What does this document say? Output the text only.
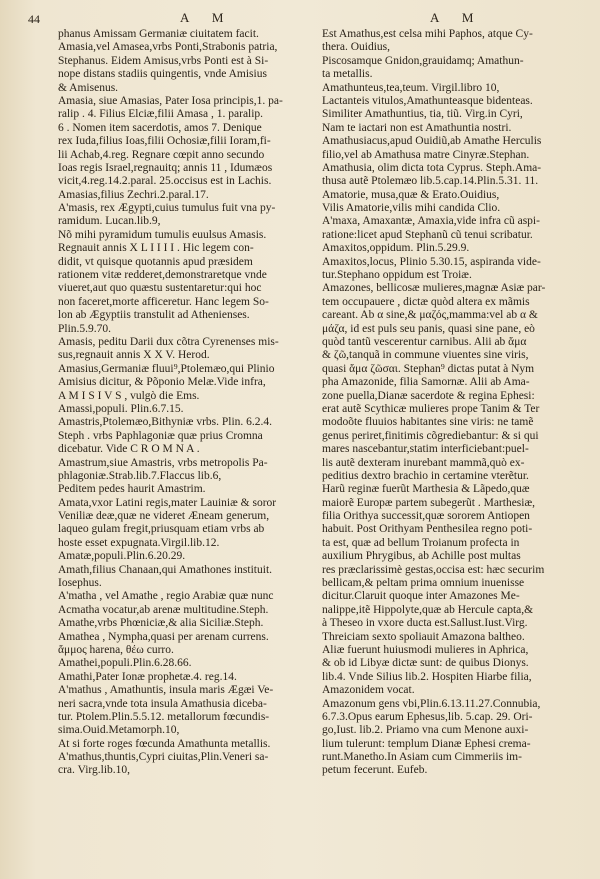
44	A M	A M
phanus Amissam Germaniæ ciuitatem facit.
Amasia,vel Amasea,vrbs Ponti,Strabonis patria,
Stephanus. Eidem Amisus,vrbs Ponti est à Si-
nope distans stadiis quingentis, vnde Amisius
& Amisenus.
Amasia, siue Amasias, Pater Iosa principis,1. pa-
ralip . 4. Filius Elciæ,filii Amasa , 1. paralip.
6 . Nomen item sacerdotis, amos 7. Denique
rex Iuda,filius Ioas,filii Ochosiæ,filii Ioram,fi-
lii Achab,4.reg. Regnare cœpit anno secundo
Ioas regis Israel,regnauitq; annis 11 , Idumæos
vicit,4.reg.14.2.paral. 25.occisus est in Lachis.
Amasias,filius Zechri.2.paral.17.
A'masis, rex Ægypti,cuius tumulus fuit vna py-
ramidum. Lucan.lib.9,
Nõ mihi pyramidum tumulis euulsus Amasis.
Regnauit annis X L I I I I . Hic legem con-
didit, vt quisque quotannis apud præsidem
rationem vitæ redderet,demonstraretque vnde
viueret,aut quo quæstu sustentaretur:qui hoc
non faceret,morte afficeretur. Hanc legem So-
lon ab Ægyptiis transtulit ad Athenienses.
Plin.5.9.70.
Amasis, peditu Darii dux cõtra Cyrenenses mis-
sus,regnauit annis X X V. Herod.
Amasius,Germaniæ fluui⁹,Ptolemæo,qui Plinio
Amisius dicitur, & Põponio Melæ.Vide infra,
A M I S I V S , vulgò die Ems.
Amassi,populi. Plin.6.7.15.
Amastris,Ptolemæo,Bithyniæ vrbs. Plin. 6.2.4.
Steph . vrbs Paphlagoniæ quæ prius Cromna
dicebatur. Vide C R O M N A .
Amastrum,siue Amastris, vrbs metropolis Pa-
phlagoniæ.Strab.lib.7.Flaccus lib.6,
Peditem pedes haurit Amastrim.
Amata,vxor Latini regis,mater Lauiniæ & soror
Veniliæ deæ,quæ ne videret Æneam generum,
laqueo gulam fregit,priusquam etiam vrbs ab
hoste esset expugnata.Virgil.lib.12.
Amatæ,populi.Plin.6.20.29.
Amath,filius Chanaan,qui Amathones instituit.
Iosephus.
A'matha , vel Amathe , regio Arabiæ quæ nunc
Acmatha vocatur,ab arenæ multitudine.Steph.
Amathe,vrbs Phœniciæ,& alia Siciliæ.Steph.
Amathea , Nympha,quasi per arenam currens.
ἄμμος harena, θέω curro.
Amathei,populi.Plin.6.28.66.
Amathi,Pater Ionæ prophetæ.4. reg.14.
A'mathus , Amathuntis, insula maris Ægæi Ve-
neri sacra,vnde tota insula Amathusia diceba-
tur. Ptolem.Plin.5.5.12. metallorum fœcundis-
sima.Ouid.Metamorph.10,
At si forte roges fœcunda Amathunta metallis.
A'mathus,thuntis,Cypri ciuitas,Plin.Veneri sa-
cra. Virg.lib.10,
Est Amathus,est celsa mihi Paphos, atque Cy-
thera. Ouidius,
Piscosamque Gnidon,grauidamq; Amathun-
ta metallis.
Amathunteus,tea,teum. Virgil.libro 10,
Lactanteis vitulos,Amathunteasque bidenteas.
Similiter Amathuntius, tia, tiũ. Virg.in Cyri,
Nam te iactari non est Amathuntia nostri.
Amathusiacus,apud Ouidiũ,ab Amathe Herculis
filio,vel ab Amathusa matre Cinyræ.Stephan.
Amathusia, olim dicta tota Cyprus. Steph.Ama-
thusa autẽ Ptolemæo lib.5.cap.14.Plin.5.31. 11.
Amatorie, musa,quæ & Erato.Ouidius,
Vilis Amatorie,vilis mihi candida Clio.
A'maxa, Amaxantæ, Amaxia,vide infra cũ aspi-
ratione:licet apud Stephanũ cũ tenui scribatur.
Amaxitos,oppidum. Plin.5.29.9.
Amaxitos,locus, Plinio 5.30.15, aspiranda vide-
tur.Stephano oppidum est Troiæ.
Amazones, bellicosæ mulieres,magnæ Asiæ par-
tem occupauere , dictæ quòd altera ex mãmis
careant. Ab α sine,& μαζός,mamma:vel ab α &
μάζα, id est puls seu panis, quasi sine pane, eò
quòd tantũ vescerentur carnibus. Alii ab ἅμα
& ζῶ,tanquã in commune viuentes sine viris,
quasi ἅμα ζῶσαι. Stephan⁹ dictas putat à Nym
pha Amazonide, filia Samornæ. Alii ab Ama-
zone puella,Dianæ sacerdote & regina Ephesi:
erat autẽ Scythicæ mulieres prope Tanim & Ter
modoõte fluuios habitantes sine viris: ne tamẽ
genus periret,finitimis cõgrediebantur: & si qui
mares nascebantur,statim interficiebant:puel-
lis autẽ dexteram inurebant mammã,quò ex-
peditius dextro brachio in certamine vterẽtur.
Harũ reginæ fuerũt Marthesia & Lãpedo,quæ
maiorẽ Europæ partem subegerũt . Marthesiæ,
filia Orithya successit,quæ sororem Antiopen
habuit. Post Orithyam Penthesilea regno poti-
ta est, quæ ad bellum Troianum profecta in
auxilium Phrygibus, ab Achille post multas
res præclarissimè gestas,occisa est: hæc securim
bellicam,& peltam prima omnium inuenisse
dicitur.Claruit quoque inter Amazones Me-
nalippe,itẽ Hippolyte,quæ ab Hercule capta,&
à Theseo in vxore ducta est.Sallust.Iust.Virg.
Threiciam sexto spoliauit Amazona baltheo.
Aliæ fuerunt huiusmodi mulieres in Aphrica,
& ob id Libyæ dictæ sunt: de quibus Dionys.
lib.4. Vnde Silius lib.2. Hospiten Hiarbe filia,
Amazonidem vocat.
Amazonum gens vbi,Plin.6.13.11.27.Connubia,
6.7.3.Opus earum Ephesus,lib. 5.cap. 29. Ori-
go,Iust. lib.2. Priamo vna cum Menone auxi-
lium tulerunt: templum Dianæ Ephesi crema-
runt.Manetho.In Asiam cum Cimmeriis im-
petum fecerunt. Eufeb.
